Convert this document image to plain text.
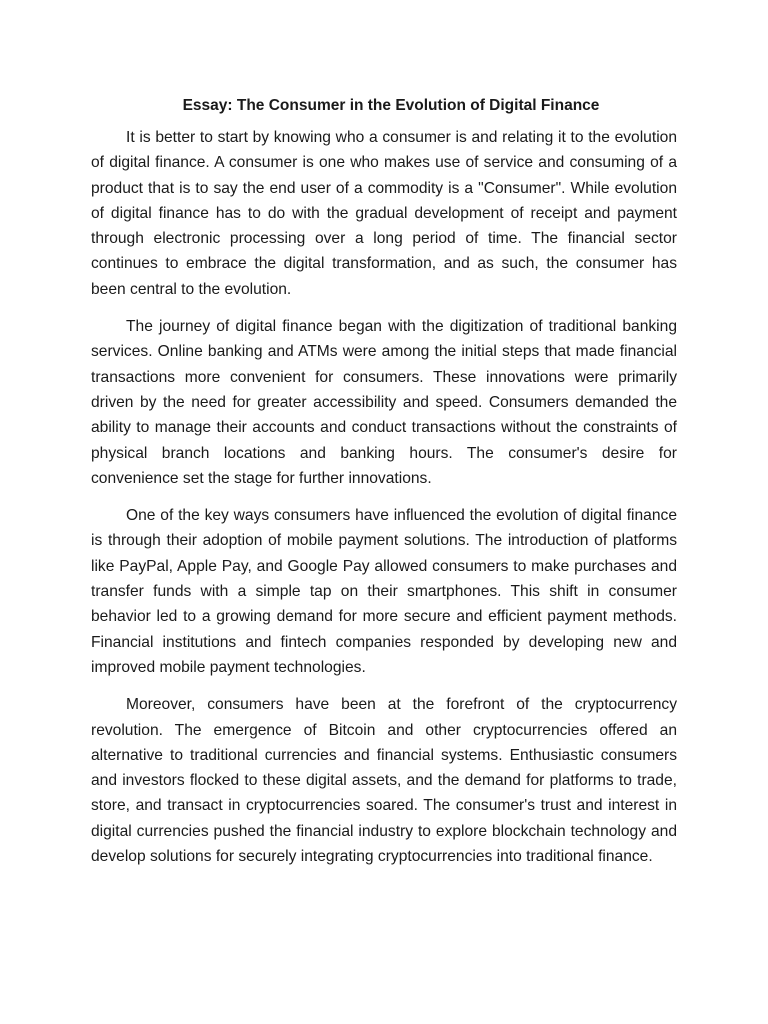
Essay: The Consumer in the Evolution of Digital Finance

It is better to start by knowing who a consumer is and relating it to the evolution of digital finance. A consumer is one who makes use of service and consuming of a product that is to say the end user of a commodity is a "Consumer". While evolution of digital finance has to do with the gradual development of receipt and payment through electronic processing over a long period of time. The financial sector continues to embrace the digital transformation, and as such, the consumer has been central to the evolution.

The journey of digital finance began with the digitization of traditional banking services. Online banking and ATMs were among the initial steps that made financial transactions more convenient for consumers. These innovations were primarily driven by the need for greater accessibility and speed. Consumers demanded the ability to manage their accounts and conduct transactions without the constraints of physical branch locations and banking hours. The consumer's desire for convenience set the stage for further innovations.

One of the key ways consumers have influenced the evolution of digital finance is through their adoption of mobile payment solutions. The introduction of platforms like PayPal, Apple Pay, and Google Pay allowed consumers to make purchases and transfer funds with a simple tap on their smartphones. This shift in consumer behavior led to a growing demand for more secure and efficient payment methods. Financial institutions and fintech companies responded by developing new and improved mobile payment technologies.

Moreover, consumers have been at the forefront of the cryptocurrency revolution. The emergence of Bitcoin and other cryptocurrencies offered an alternative to traditional currencies and financial systems. Enthusiastic consumers and investors flocked to these digital assets, and the demand for platforms to trade, store, and transact in cryptocurrencies soared. The consumer's trust and interest in digital currencies pushed the financial industry to explore blockchain technology and develop solutions for securely integrating cryptocurrencies into traditional finance.
